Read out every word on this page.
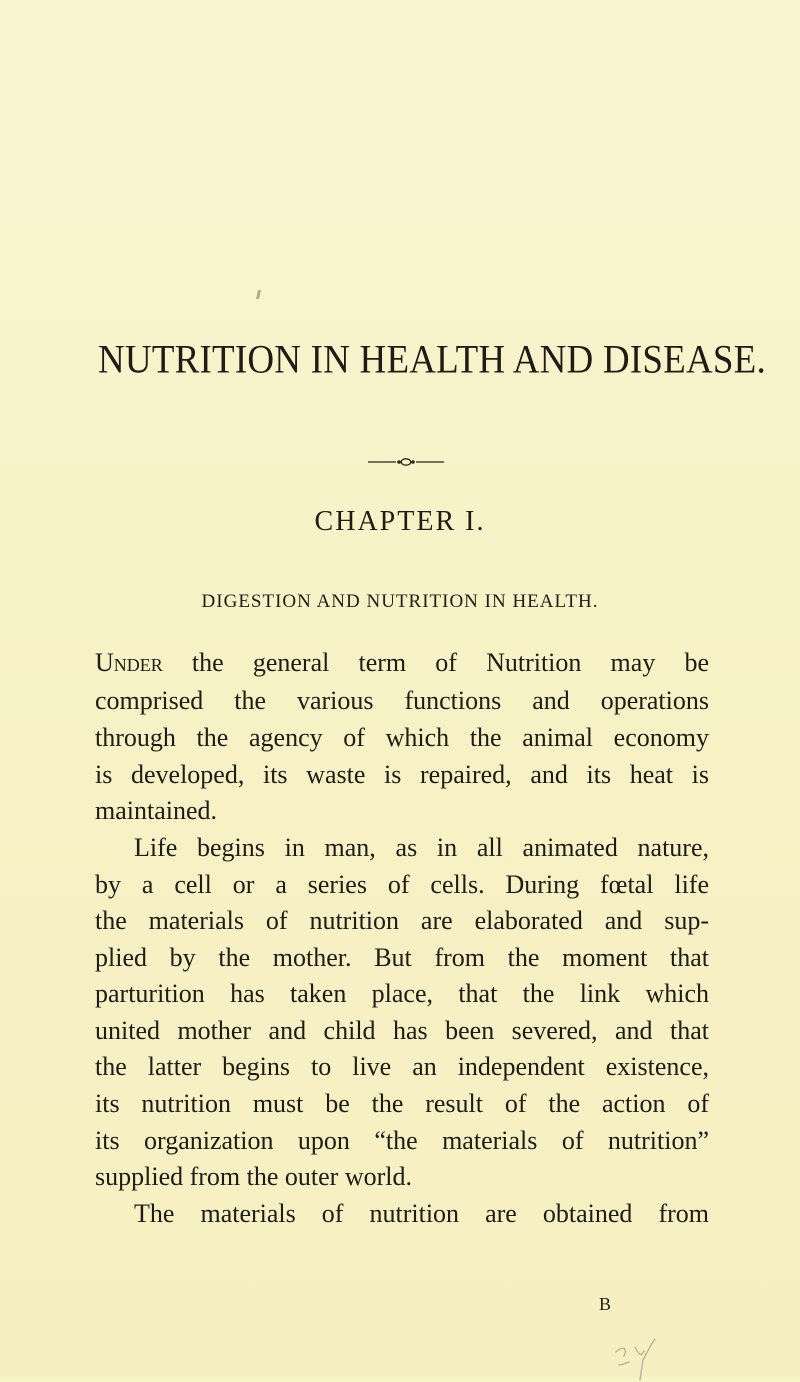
NUTRITION IN HEALTH AND DISEASE.
CHAPTER I.
DIGESTION AND NUTRITION IN HEALTH.

Under the general term of Nutrition may be

comprised the various functions and operations

through the agency of which the animal economy

is developed, its waste is repaired, and its heat is

maintained.

Life begins in man, as in all animated nature,

by a cell or a series of cells. During fœtal life

the materials of nutrition are elaborated and sup-

plied by the mother. But from the moment that

parturition has taken place, that the link which

united mother and child has been severed, and that

the latter begins to live an independent existence,

its nutrition must be the result of the action of

its organization upon “the materials of nutrition”

supplied from the outer world.

The materials of nutrition are obtained from

B
